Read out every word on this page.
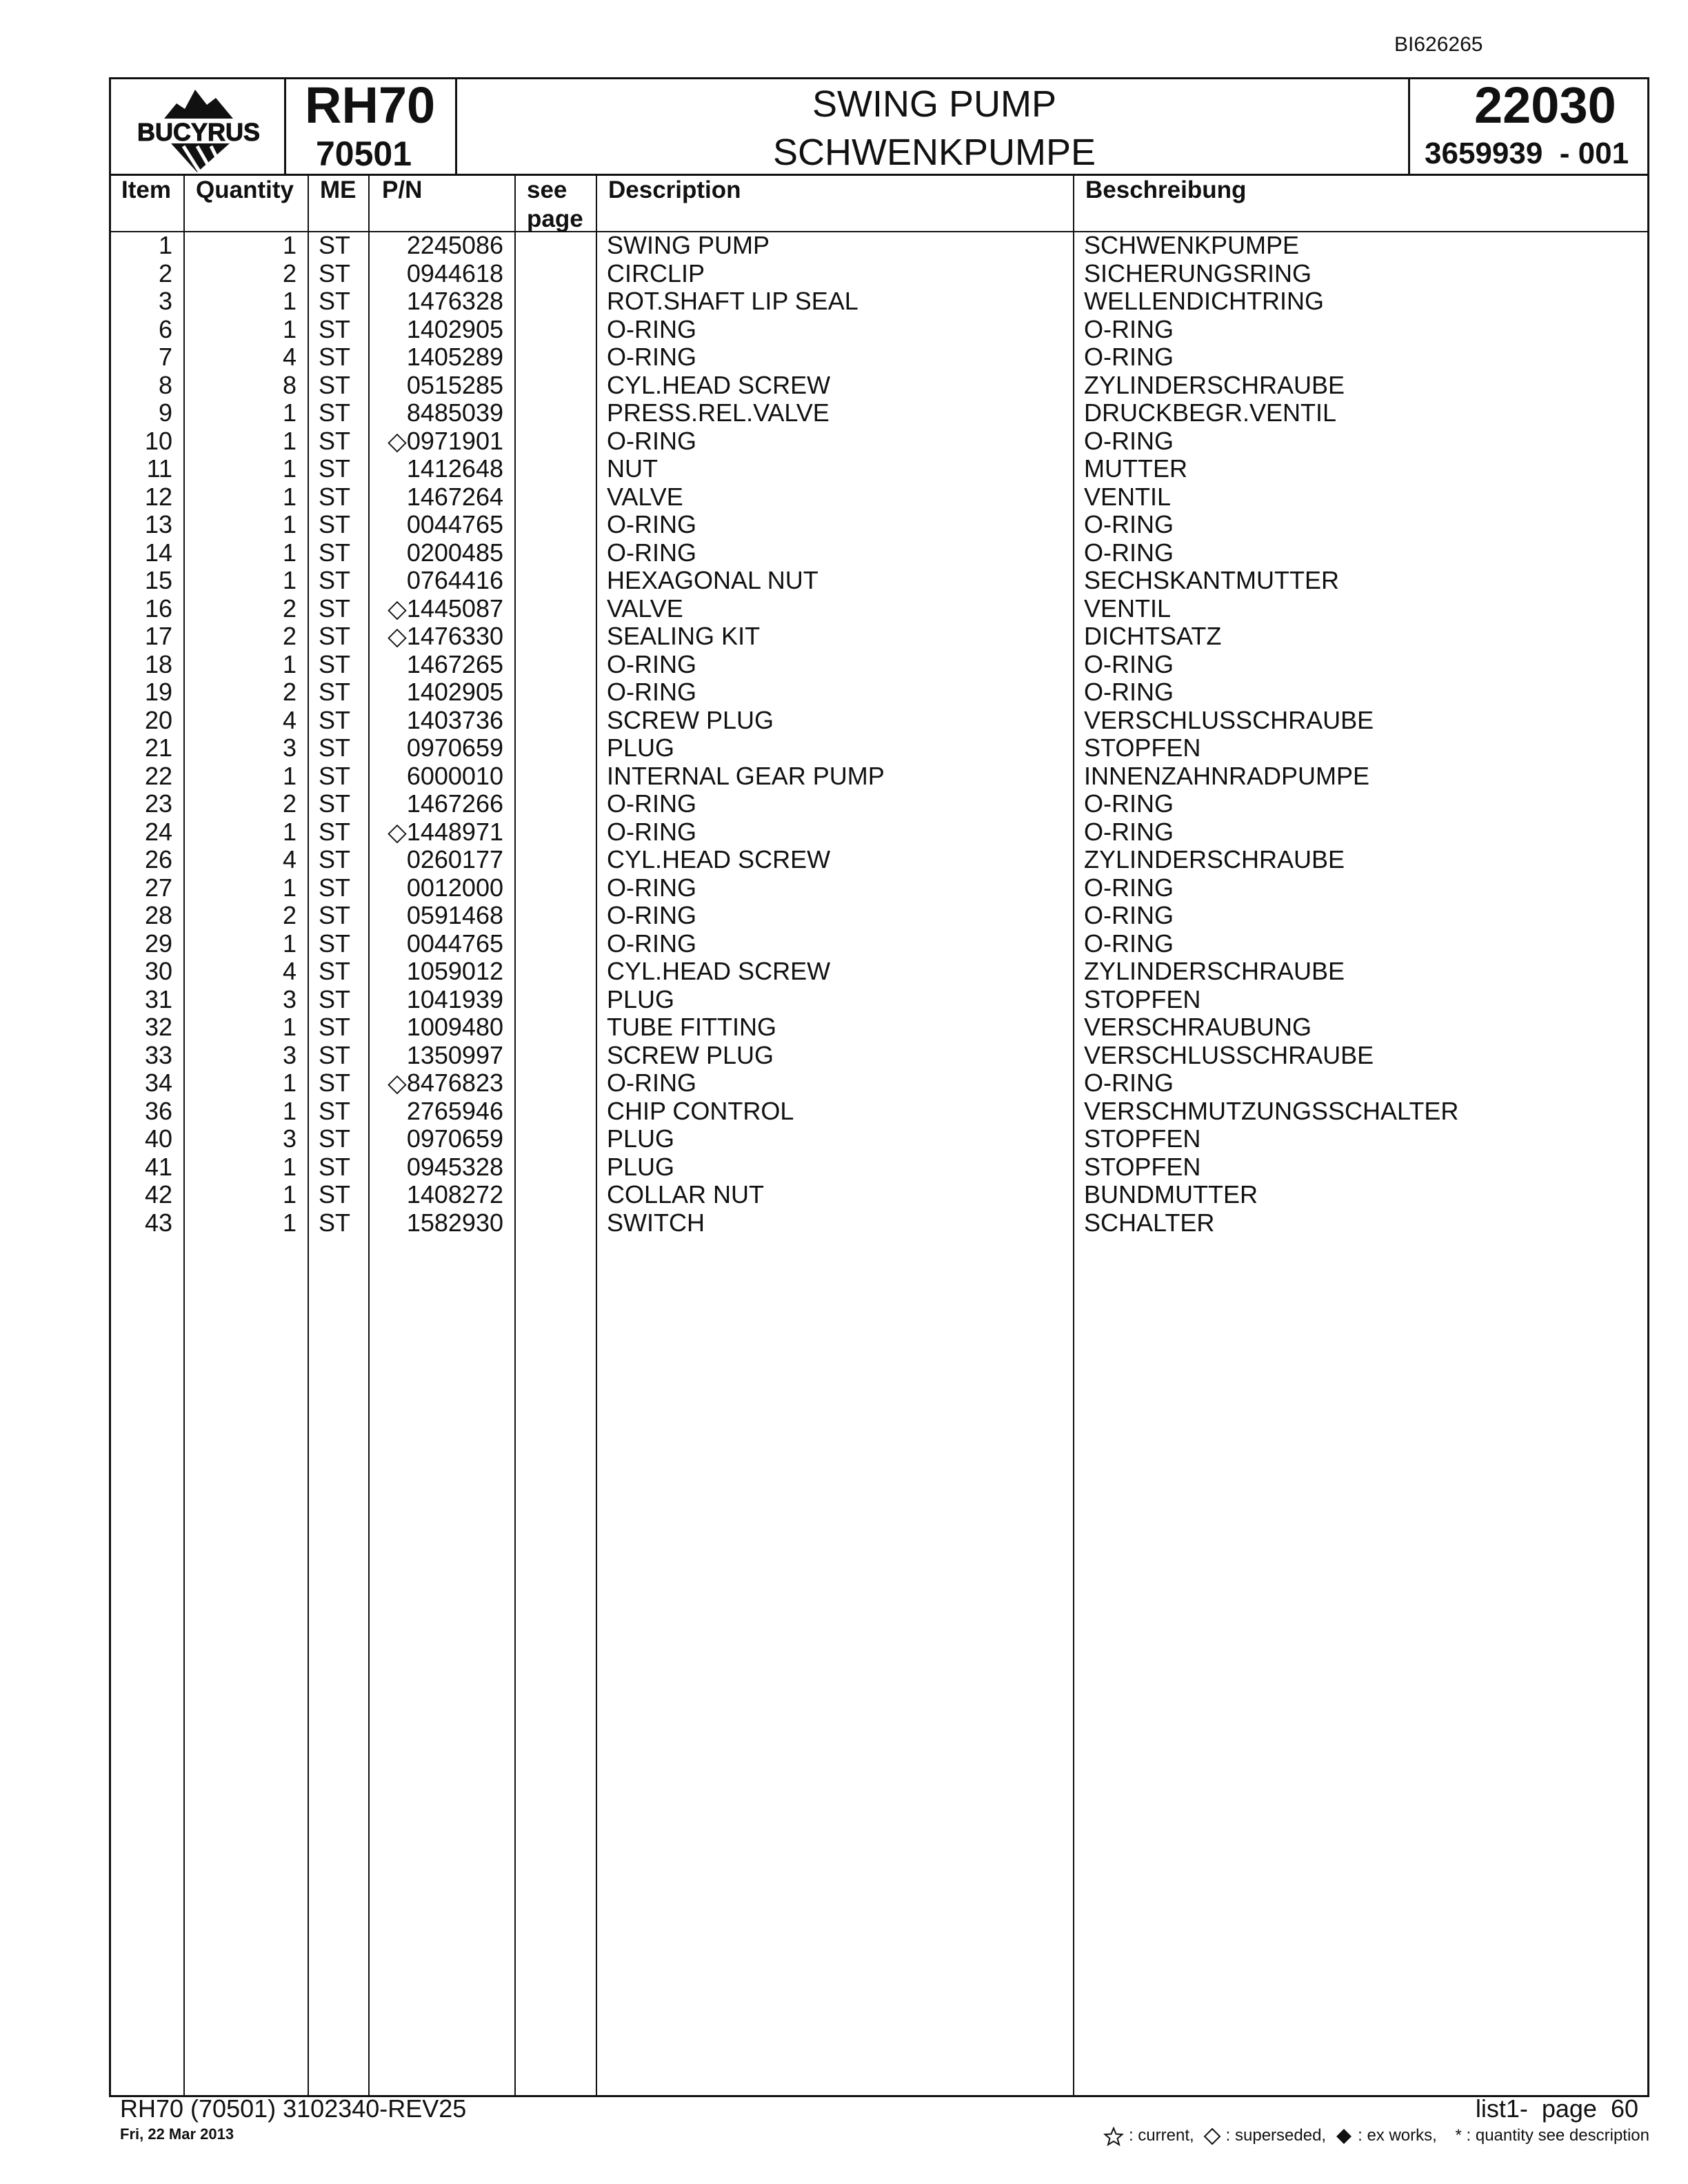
BI626265
BUCYRUS RH70
70501
SWING PUMP
SCHWENKPUMPE
22030
3659939  - 001
Item Quantity ME P/N	see
page
Description	Beschreibung
1	1 ST 2245086	SWING PUMP	SCHWENKPUMPE
2	2 ST 0944618	CIRCLIP	SICHERUNGSRING
3	1 ST 1476328	ROT.SHAFT LIP SEAL	WELLENDICHTRING
6	1 ST 1402905	O-RING	O-RING
7	4 ST 1405289	O-RING	O-RING
8	8 ST 0515285	CYL.HEAD SCREW	ZYLINDERSCHRAUBE
9	1 ST 8485039	PRESS.REL.VALVE	DRUCKBEGR.VENTIL
10	1 ST ◇0971901	O-RING	O-RING
11	1 ST 1412648	NUT	MUTTER
12	1 ST 1467264	VALVE	VENTIL
13	1 ST 0044765	O-RING	O-RING
14	1 ST 0200485	O-RING	O-RING
15	1 ST 0764416	HEXAGONAL NUT	SECHSKANTMUTTER
16	2 ST ◇1445087	VALVE	VENTIL
17	2 ST ◇1476330	SEALING KIT	DICHTSATZ
18	1 ST 1467265	O-RING	O-RING
19	2 ST 1402905	O-RING	O-RING
20	4 ST 1403736	SCREW PLUG	VERSCHLUSSCHRAUBE
21	3 ST 0970659	PLUG	STOPFEN
22	1 ST 6000010	INTERNAL GEAR PUMP	INNENZAHNRADPUMPE
23	2 ST 1467266	O-RING	O-RING
24	1 ST ◇1448971	O-RING	O-RING
26	4 ST 0260177	CYL.HEAD SCREW	ZYLINDERSCHRAUBE
27	1 ST 0012000	O-RING	O-RING
28	2 ST 0591468	O-RING	O-RING
29	1 ST 0044765	O-RING	O-RING
30	4 ST 1059012	CYL.HEAD SCREW	ZYLINDERSCHRAUBE
31	3 ST 1041939	PLUG	STOPFEN
32	1 ST 1009480	TUBE FITTING	VERSCHRAUBUNG
33	3 ST 1350997	SCREW PLUG	VERSCHLUSSCHRAUBE
34	1 ST ◇8476823	O-RING	O-RING
36	1 ST 2765946	CHIP CONTROL	VERSCHMUTZUNGSSCHALTER
40	3 ST 0970659	PLUG	STOPFEN
41	1 ST 0945328	PLUG	STOPFEN
42	1 ST 1408272	COLLAR NUT	BUNDMUTTER
43	1 ST 1582930	SWITCH	SCHALTER
RH70 (70501) 3102340-REV25
Fri, 22 Mar 2013
list1-  page  60
: current, : superseded, : ex works, * : quantity see description
